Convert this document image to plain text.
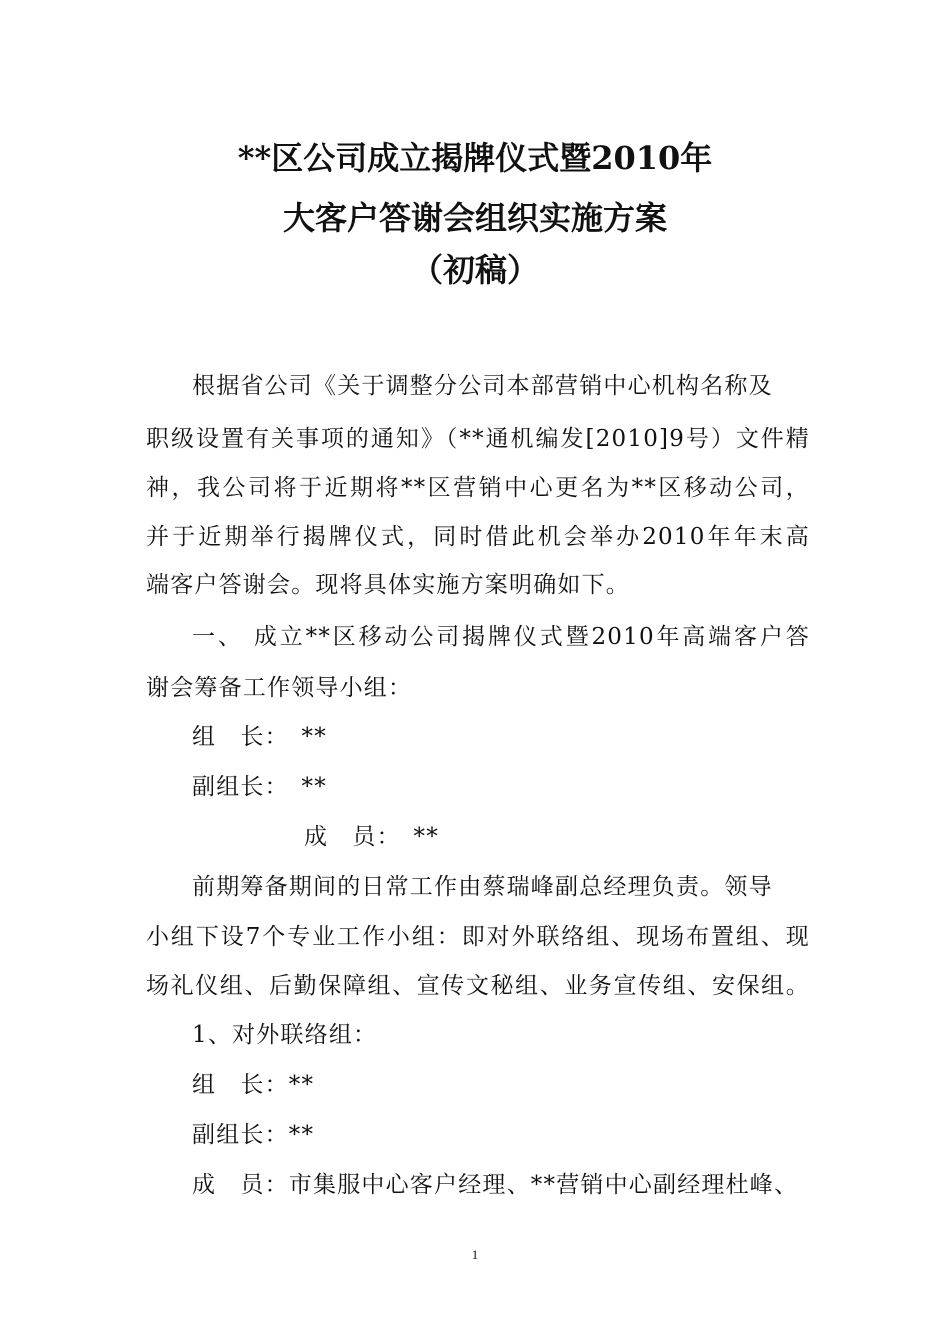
**区公司成立揭牌仪式暨2010年
大客户答谢会组织实施方案
（初稿）
根据省公司《关于调整分公司本部营销中心机构名称及
职级设置有关事项的通知》（**通机编发[2010]9号）文件精
神，我公司将于近期将**区营销中心更名为**区移动公司，
并于近期举行揭牌仪式，同时借此机会举办2010年年末高
端客户答谢会。现将具体实施方案明确如下。
一、 成立**区移动公司揭牌仪式暨2010年高端客户答
谢会筹备工作领导小组：
组　长：　**
副组长：　**
成　员：　**
前期筹备期间的日常工作由蔡瑞峰副总经理负责。领导
小组下设7个专业工作小组：即对外联络组、现场布置组、现
场礼仪组、后勤保障组、宣传文秘组、业务宣传组、安保组。
1、对外联络组：
组　长：**
副组长：**
成　员：市集服中心客户经理、**营销中心副经理杜峰、
1
